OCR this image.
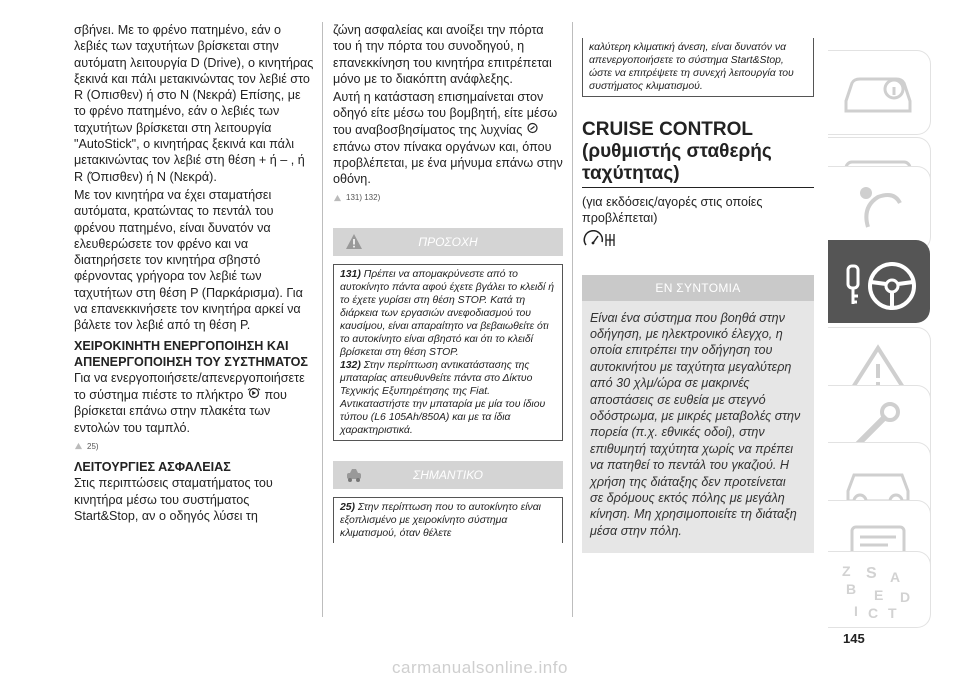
σβήνει. Με το φρένο πατημένο, εάν ο λεβιές των ταχυτήτων βρίσκεται στην αυτόματη λειτουργία D (Drive), ο κινητήρας ξεκινά και πάλι μετακινώντας τον λεβιέ στο R (Οπισθεν) ή στο N (Νεκρά) Επίσης, με το φρένο πατημένο, εάν ο λεβιές των ταχυτήτων βρίσκεται στη λειτουργία "AutoStick", ο κινητήρας ξεκινά και πάλι μετακινώντας τον λεβιέ στη θέση + ή – , ή R (Όπισθεν) ή N (Νεκρά).

Με τον κινητήρα να έχει σταματήσει αυτόματα, κρατώντας το πεντάλ του φρένου πατημένο, είναι δυνατόν να ελευθερώσετε τον φρένο και να διατηρήσετε τον κινητήρα σβηστό φέρνοντας γρήγορα τον λεβιέ των ταχυτήτων στη θέση P (Παρκάρισμα). Για να επανεκκινήσετε τον κινητήρα αρκεί να βάλετε τον λεβιέ από τη θέση P.

ΧΕΙΡΟΚΙΝΗΤΗ ΕΝΕΡΓΟΠΟΙΗΣΗ ΚΑΙ ΑΠΕΝΕΡΓΟΠΟΙΗΣΗ ΤΟΥ ΣΥΣΤΗΜΑΤΟΣ

Για να ενεργοποιήσετε/απενεργοποιήσετε το σύστημα πιέστε το πλήκτρο που βρίσκεται επάνω στην πλακέτα των εντολών του ταμπλό.

25)

ΛΕΙΤΟΥΡΓΙΕΣ ΑΣΦΑΛΕΙΑΣ

Στις περιπτώσεις σταματήματος του κινητήρα μέσω του συστήματος Start&Stop, αν ο οδηγός λύσει τη

ζώνη ασφαλείας και ανοίξει την πόρτα του ή την πόρτα του συνοδηγού, η επανεκκίνηση του κινητήρα επιτρέπεται μόνο με το διακόπτη ανάφλεξης.

Αυτή η κατάσταση επισημαίνεται στον οδηγό είτε μέσω του βομβητή, είτε μέσω του αναβοσβησίματος της λυχνίας  επάνω στον πίνακα οργάνων και, όπου προβλέπεται, με ένα μήνυμα επάνω στην οθόνη.

131) 132)
ΠΡΟΣΟΧΗ

131) Πρέπει να απομακρύνεστε από το αυτοκίνητο πάντα αφού έχετε βγάλει το κλειδί ή το έχετε γυρίσει στη θέση STOP. Κατά τη διάρκεια των εργασιών ανεφοδιασμού του καυσίμου, είναι απαραίτητο να βεβαιωθείτε ότι το αυτοκίνητο είναι σβηστό και ότι το κλειδί βρίσκεται στη θέση STOP.

132) Στην περίπτωση αντικατάστασης της μπαταρίας απευθυνθείτε πάντα στο Δίκτυο Τεχνικής Εξυπηρέτησης της Fiat. Αντικαταστήστε την μπαταρία με μία του ίδιου τύπου (L6 105Ah/850A) και με τα ίδια χαρακτηριστικά.

ΣΗΜΑΝΤΙΚΟ

25) Στην περίπτωση που το αυτοκίνητο είναι εξοπλισμένο με χειροκίνητο σύστημα κλιματισμού, όταν θέλετε

καλύτερη κλιματική άνεση, είναι δυνατόν να απενεργοποιήσετε το σύστημα Start&Stop, ώστε να επιτρέψετε τη συνεχή λειτουργία του συστήματος κλιματισμού.

CRUISE CONTROL (ρυθμιστής σταθερής ταχύτητας)

(για εκδόσεις/αγορές στις οποίες προβλέπεται)

ΕΝ ΣΥΝΤΟΜΙΑ

Είναι ένα σύστημα που βοηθά στην οδήγηση, με ηλεκτρονικό έλεγχο, η οποία επιτρέπει την οδήγηση του αυτοκινήτου με ταχύτητα μεγαλύτερη από 30 χλμ/ώρα σε μακρινές αποστάσεις σε ευθεία με στεγνό οδόστρωμα, με μικρές μεταβολές στην πορεία (π.χ. εθνικές οδοί), στην επιθυμητή ταχύτητα χωρίς να πρέπει να πατηθεί το πεντάλ του γκαζιού. Η χρήση της διάταξης δεν προτείνεται σε δρόμους εκτός πόλης με μεγάλη κίνηση. Μη χρησιμοποιείτε τη διάταξη μέσα στην πόλη.

Z S A
B E D
I C T
145
carmanualsonline.info
